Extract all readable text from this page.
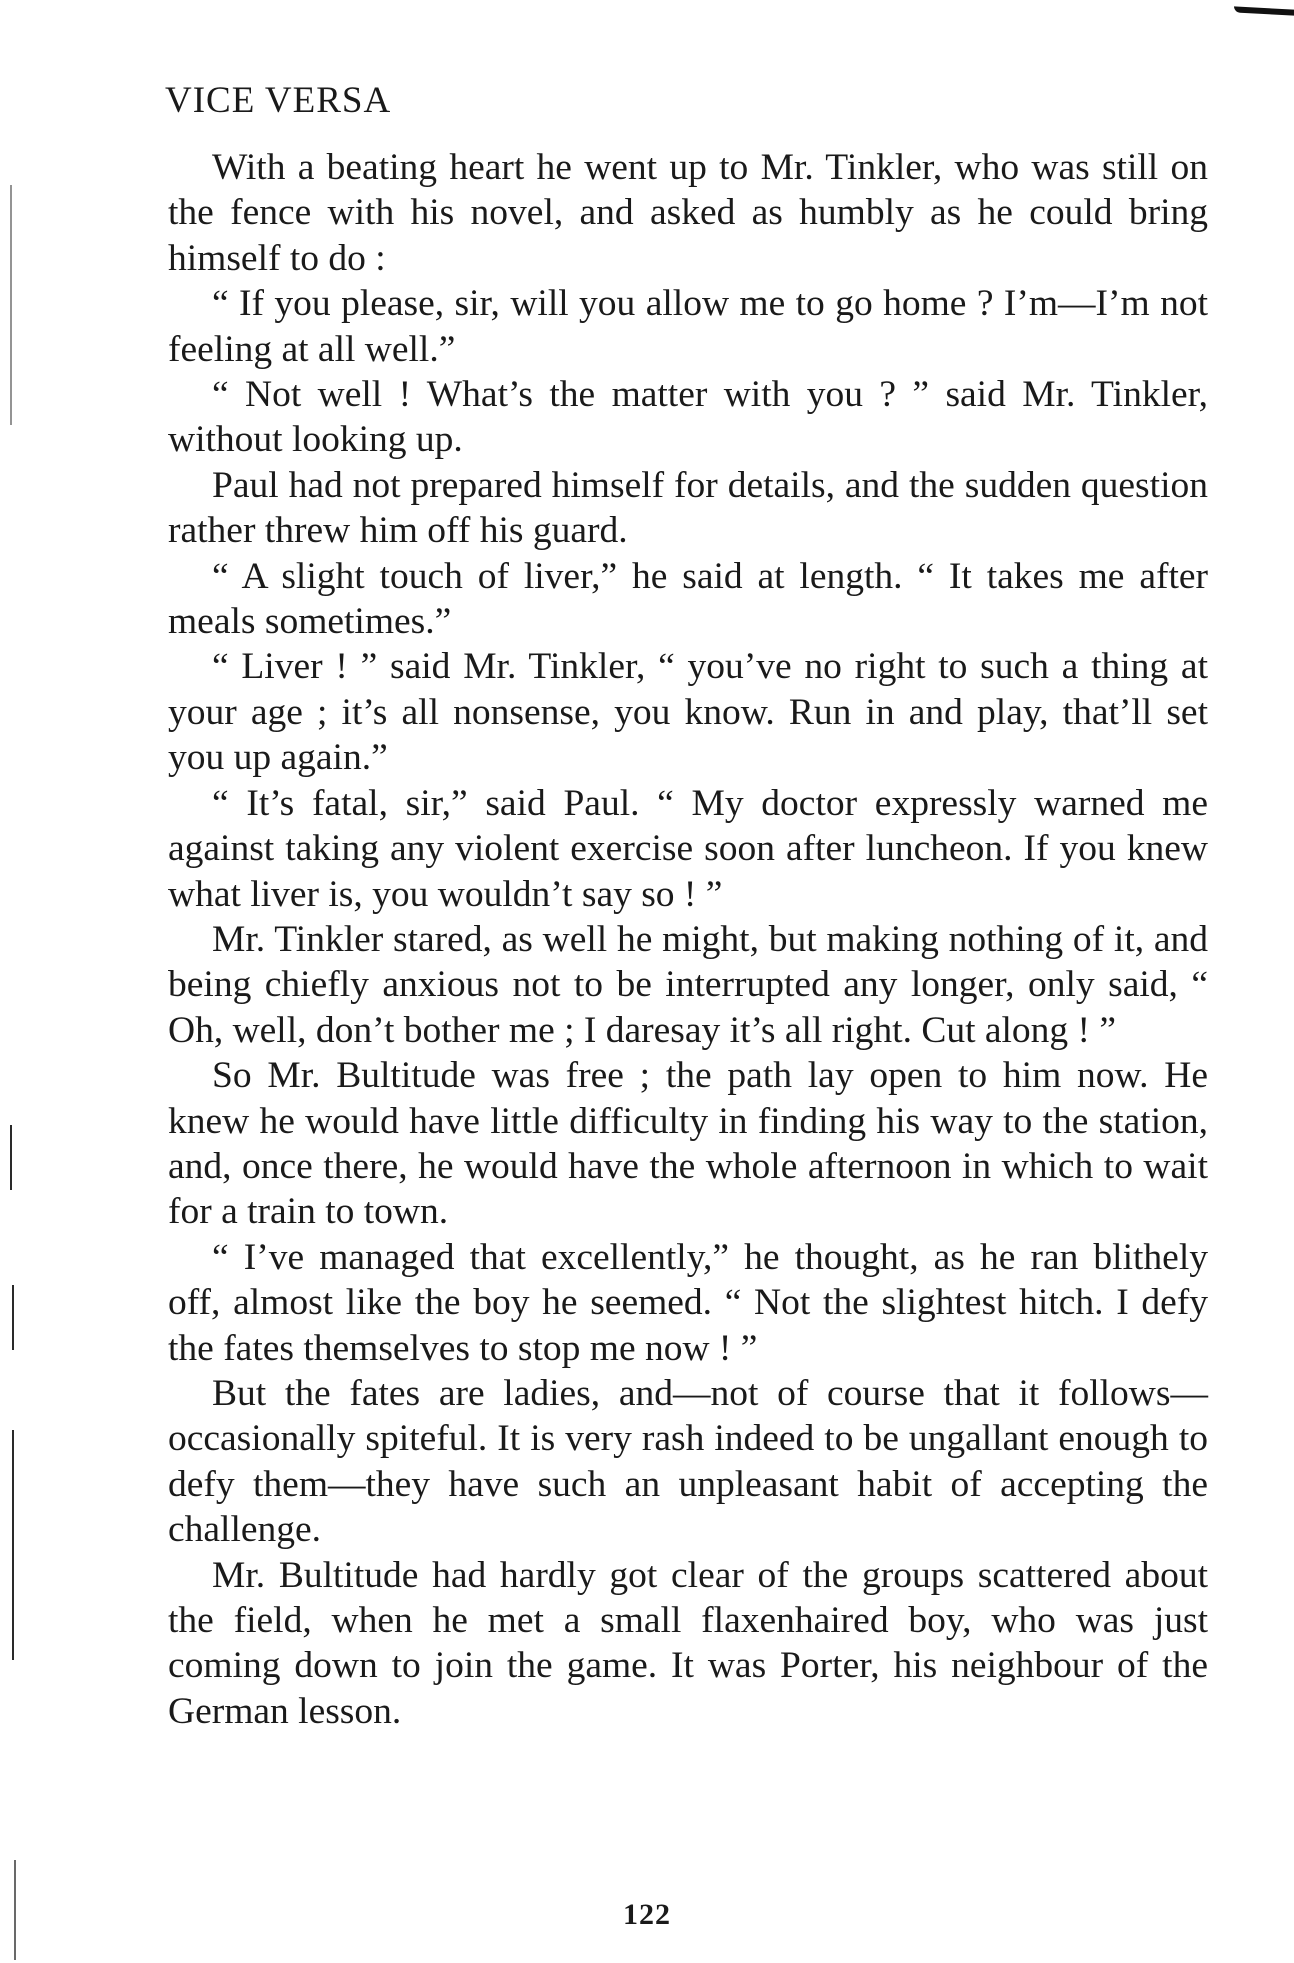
VICE VERSA

With a beating heart he went up to Mr. Tinkler, who was still on the fence with his novel, and asked as humbly as he could bring himself to do :

“ If you please, sir, will you allow me to go home ? I’m—I’m not feeling at all well.”

“ Not well ! What’s the matter with you ? ” said Mr. Tinkler, without looking up.

Paul had not prepared himself for details, and the sudden question rather threw him off his guard.

“ A slight touch of liver,” he said at length. “ It takes me after meals sometimes.”

“ Liver ! ” said Mr. Tinkler, “ you’ve no right to such a thing at your age ; it’s all nonsense, you know. Run in and play, that’ll set you up again.”

“ It’s fatal, sir,” said Paul. “ My doctor expressly warned me against taking any violent exercise soon after luncheon. If you knew what liver is, you wouldn’t say so ! ”

Mr. Tinkler stared, as well he might, but making nothing of it, and being chiefly anxious not to be interrupted any longer, only said, “ Oh, well, don’t bother me ; I daresay it’s all right. Cut along ! ”

So Mr. Bultitude was free ; the path lay open to him now. He knew he would have little difficulty in finding his way to the station, and, once there, he would have the whole afternoon in which to wait for a train to town.

“ I’ve managed that excellently,” he thought, as he ran blithely off, almost like the boy he seemed. “ Not the slightest hitch. I defy the fates themselves to stop me now ! ”

But the fates are ladies, and—not of course that it follows—occasionally spiteful. It is very rash indeed to be ungallant enough to defy them—they have such an unpleasant habit of accepting the challenge.

Mr. Bultitude had hardly got clear of the groups scattered about the field, when he met a small flaxenhaired boy, who was just coming down to join the game. It was Porter, his neighbour of the German lesson.

122
